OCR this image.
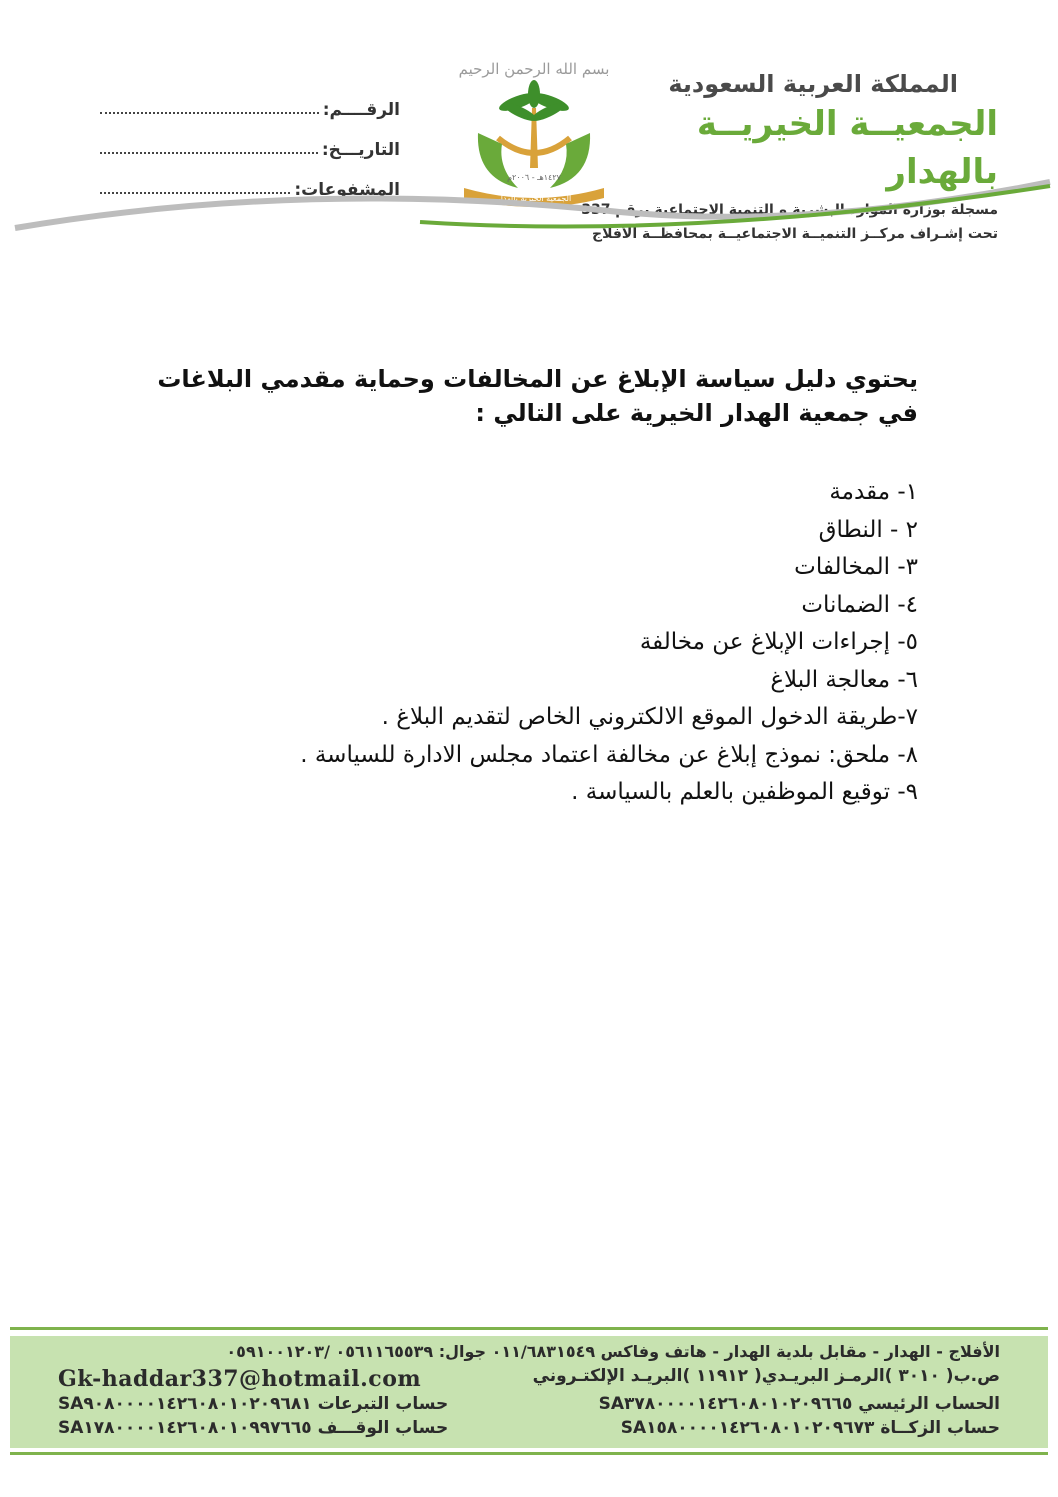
المملكة العربية السعودية
الجمعيــة الخيريــة بالهدار
مسجلة بوزارة الموارد البشرية و التنمية الاجتماعية برقم 337
تحت إشـراف مركــز التنميــة الاجتماعيــة بمحافظــة الأفلاج
بسم الله الرحمن الرحيم
١٤٢٧هـ - ٢٠٠٦م
الجمعية الخيرية بالهدار
الرقــــم:
التاريـــخ:
المشفوعات:

يحتوي دليل سياسة الإبلاغ عن المخالفات وحماية مقدمي البلاغات في جمعية الهدار الخيرية على التالي :

١- مقدمة
٢ - النطاق
٣- المخالفات
٤- الضمانات
٥- إجراءات الإبلاغ عن مخالفة
٦- معالجة البلاغ
٧-طريقة الدخول الموقع الالكتروني الخاص لتقديم البلاغ .
٨- ملحق: نموذج إبلاغ عن مخالفة اعتماد مجلس الادارة للسياسة .
٩- توقيع الموظفين بالعلم بالسياسة .
الأفلاج - الهدار - مقابل بلدية الهدار - هاتف وفاكس ٠١١/٦٨٣١٥٤٩ جوال: ٠٥٦١١٦٥٥٣٩ /٠٥٩١٠٠١٢٠٣
ص.ب( ٣٠١٠ )الرمـز البريـدي( ١١٩١٢ )البريـد الإلكتـروني
Gk-haddar337@hotmail.com
الحساب الرئيسي SA٣٧٨٠٠٠٠١٤٢٦٠٨٠١٠٢٠٩٦٦٥
حساب التبرعات SA٩٠٨٠٠٠٠١٤٢٦٠٨٠١٠٢٠٩٦٨١
حساب الزكــاة SA١٥٨٠٠٠٠١٤٢٦٠٨٠١٠٢٠٩٦٧٣
حساب الوقـــف SA١٧٨٠٠٠٠١٤٢٦٠٨٠١٠٩٩٧٦٦٥
